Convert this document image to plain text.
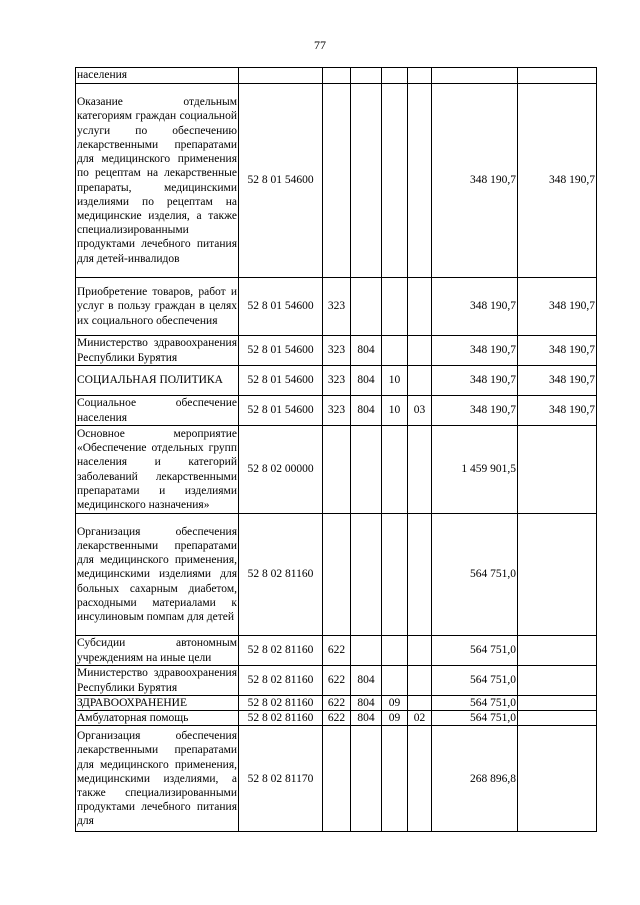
77
населения							
Оказание отдельным категориям граждан социальной услуги по обеспечению лекарственными препаратами для медицинского применения по рецептам на лекарственные препараты, медицинскими изделиями по рецептам на медицинские изделия, а также специализированными продуктами лечебного питания для детей-инвалидов	52 8 01 54600					348 190,7	348 190,7
Приобретение товаров, работ и услуг в пользу граждан в целях их социального обеспечения	52 8 01 54600	323				348 190,7	348 190,7
Министерство здравоохранения Республики Бурятия	52 8 01 54600	323	804			348 190,7	348 190,7
СОЦИАЛЬНАЯ ПОЛИТИКА	52 8 01 54600	323	804	10		348 190,7	348 190,7
Социальное обеспечение населения	52 8 01 54600	323	804	10	03	348 190,7	348 190,7
Основное мероприятие «Обеспечение отдельных групп населения и категорий заболеваний лекарственными препаратами и изделиями медицинского назначения»	52 8 02 00000					1 459 901,5	
Организация обеспечения лекарственными препаратами для медицинского применения, медицинскими изделиями для больных сахарным диабетом, расходными материалами к инсулиновым помпам для детей	52 8 02 81160					564 751,0	
Субсидии автономным учреждениям на иные цели	52 8 02 81160	622				564 751,0	
Министерство здравоохранения Республики Бурятия	52 8 02 81160	622	804			564 751,0	
ЗДРАВООХРАНЕНИЕ	52 8 02 81160	622	804	09		564 751,0	
Амбулаторная помощь	52 8 02 81160	622	804	09	02	564 751,0	
Организация обеспечения лекарственными препаратами для медицинского применения, медицинскими изделиями, а также специализированными продуктами лечебного питания для	52 8 02 81170					268 896,8	
